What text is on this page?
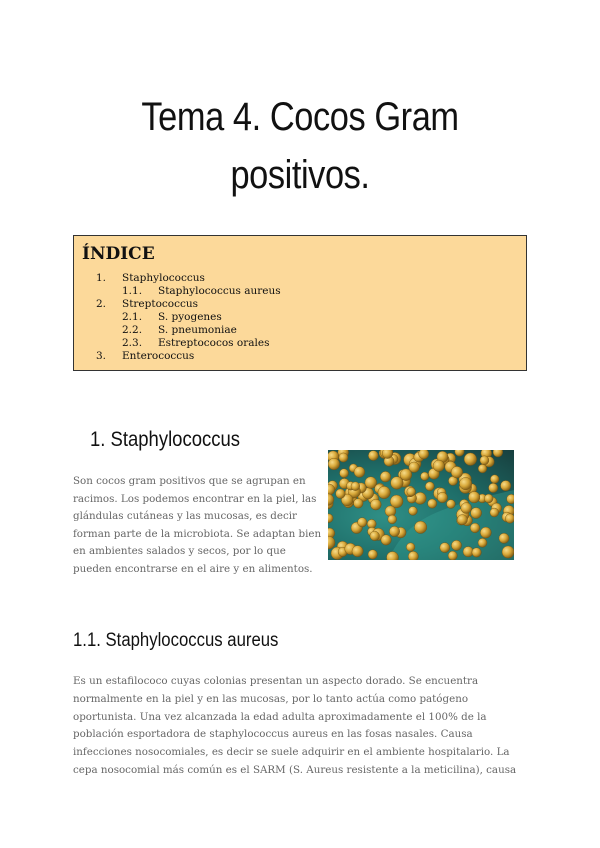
Tema 4. Cocos Gram
positivos.
ÍNDICE
1.	Staphylococcus
1.1.	Staphylococcus aureus
2.	Streptococcus
2.1.	S. pyogenes
2.2.	S. pneumoniae
2.3.	Estreptococos orales
3.	Enterococcus
1. Staphylococcus
Son cocos gram positivos que se agrupan en racimos. Los podemos encontrar en la piel, las glándulas cutáneas y las mucosas, es decir forman parte de la microbiota. Se adaptan bien en ambientes salados y secos, por lo que pueden encontrarse en el aire y en alimentos.
1.1. Staphylococcus aureus
Es un estafilococo cuyas colonias presentan un aspecto dorado. Se encuentra normalmente en la piel y en las mucosas, por lo tanto actúa como patógeno oportunista. Una vez alcanzada la edad adulta aproximadamente el 100% de la población esportadora de staphylococcus aureus en las fosas nasales. Causa infecciones nosocomiales, es decir se suele adquirir en el ambiente hospitalario. La cepa nosocomial más común es el SARM (S. Aureus resistente a la meticilina), causa
